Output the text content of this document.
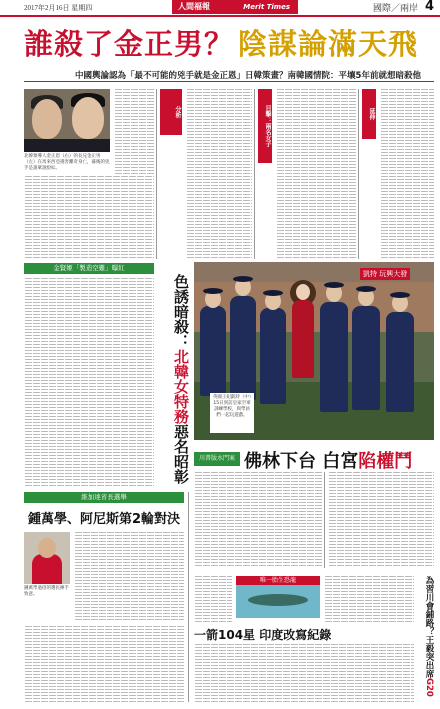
2017年2月16日 星期四	人間福報	Merit Times	國際／兩岸 4
誰殺了金正男？ 陰謀論滿天飛
中國輿論認為「最不可能的兇手就是金正恩」日韓策畫？南韓國情院：平壤5年前就想暗殺他
北韓領導人金正恩（右）的長兄金正男（左）在馬來西亞遇害離奇身亡，幕後的兇手是誰眾說紛紜。
分析	目擊：兩名女子	延伸
金賢姬「製造空難」曝紅
色誘暗殺：北韓女特務惡名昭彰
凱特 玩興大發
英國王妃凱特（中）15日到訪皇家空軍訓練學校，與學員們一起玩遊戲。
川普版水門案 佛林下台 白宮陷權鬥
維加達省長選舉
鍾萬學、阿尼斯第2輪對決
鍾萬學過招的選民揮手致意。
唯一胎生恐龍
一箭104星 印度改寫紀錄	為習川會鋪路？王毅突出席G20
